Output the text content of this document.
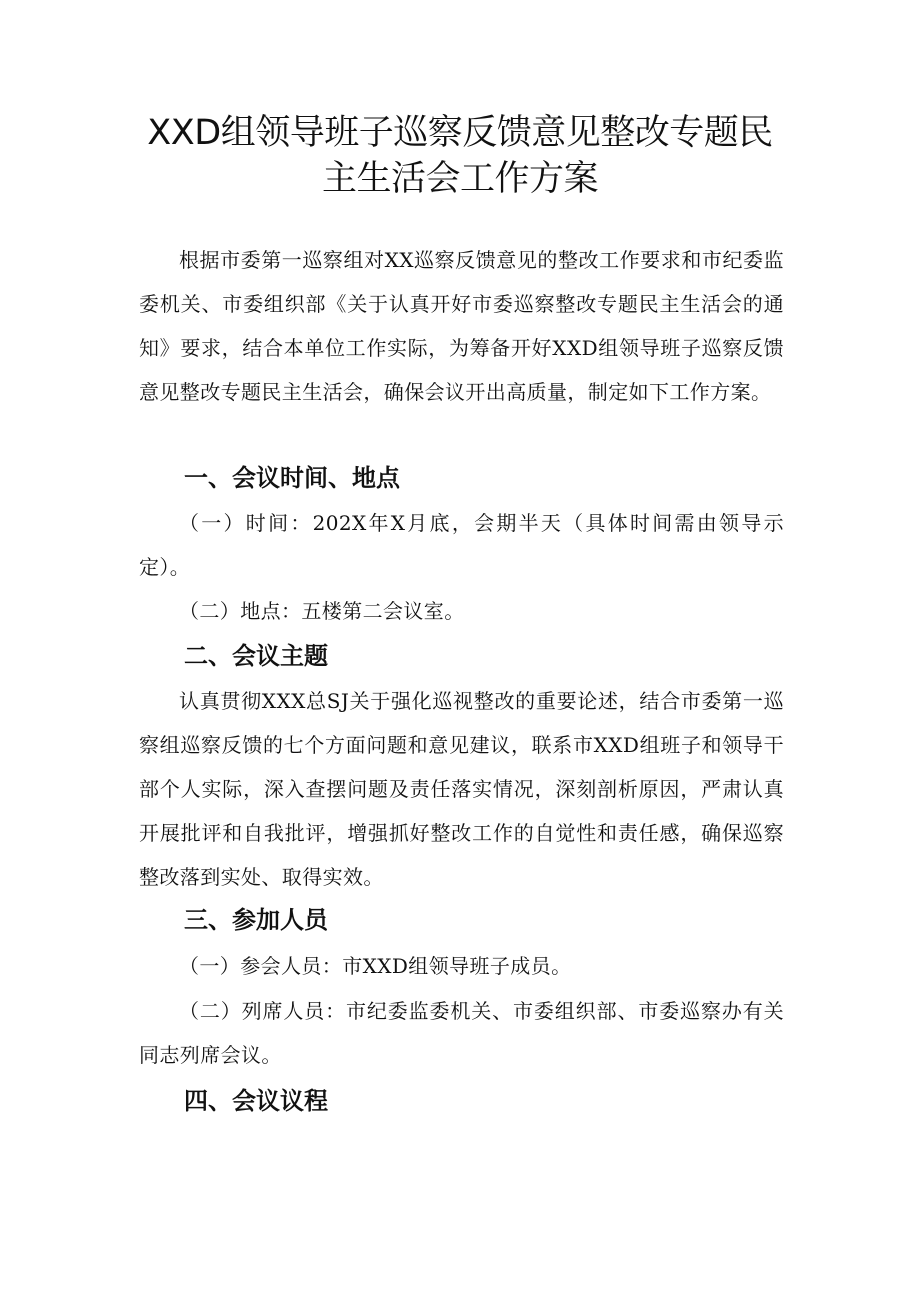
XXD组领导班子巡察反馈意见整改专题民
主生活会工作方案

根据市委第一巡察组对XX巡察反馈意见的整改工作要求和市纪委监委机关、市委组织部《关于认真开好市委巡察整改专题民主生活会的通知》要求，结合本单位工作实际，为筹备开好XXD组领导班子巡察反馈意见整改专题民主生活会，确保会议开出高质量，制定如下工作方案。

一、会议时间、地点

（一）时间：202X年X月底，会期半天（具体时间需由领导示定）。

（二）地点：五楼第二会议室。

二、会议主题

认真贯彻XXX总SJ关于强化巡视整改的重要论述，结合市委第一巡察组巡察反馈的七个方面问题和意见建议，联系市XXD组班子和领导干部个人实际，深入查摆问题及责任落实情况，深刻剖析原因，严肃认真开展批评和自我批评，增强抓好整改工作的自觉性和责任感，确保巡察整改落到实处、取得实效。

三、参加人员

（一）参会人员：市XXD组领导班子成员。

（二）列席人员：市纪委监委机关、市委组织部、市委巡察办有关同志列席会议。

四、会议议程
